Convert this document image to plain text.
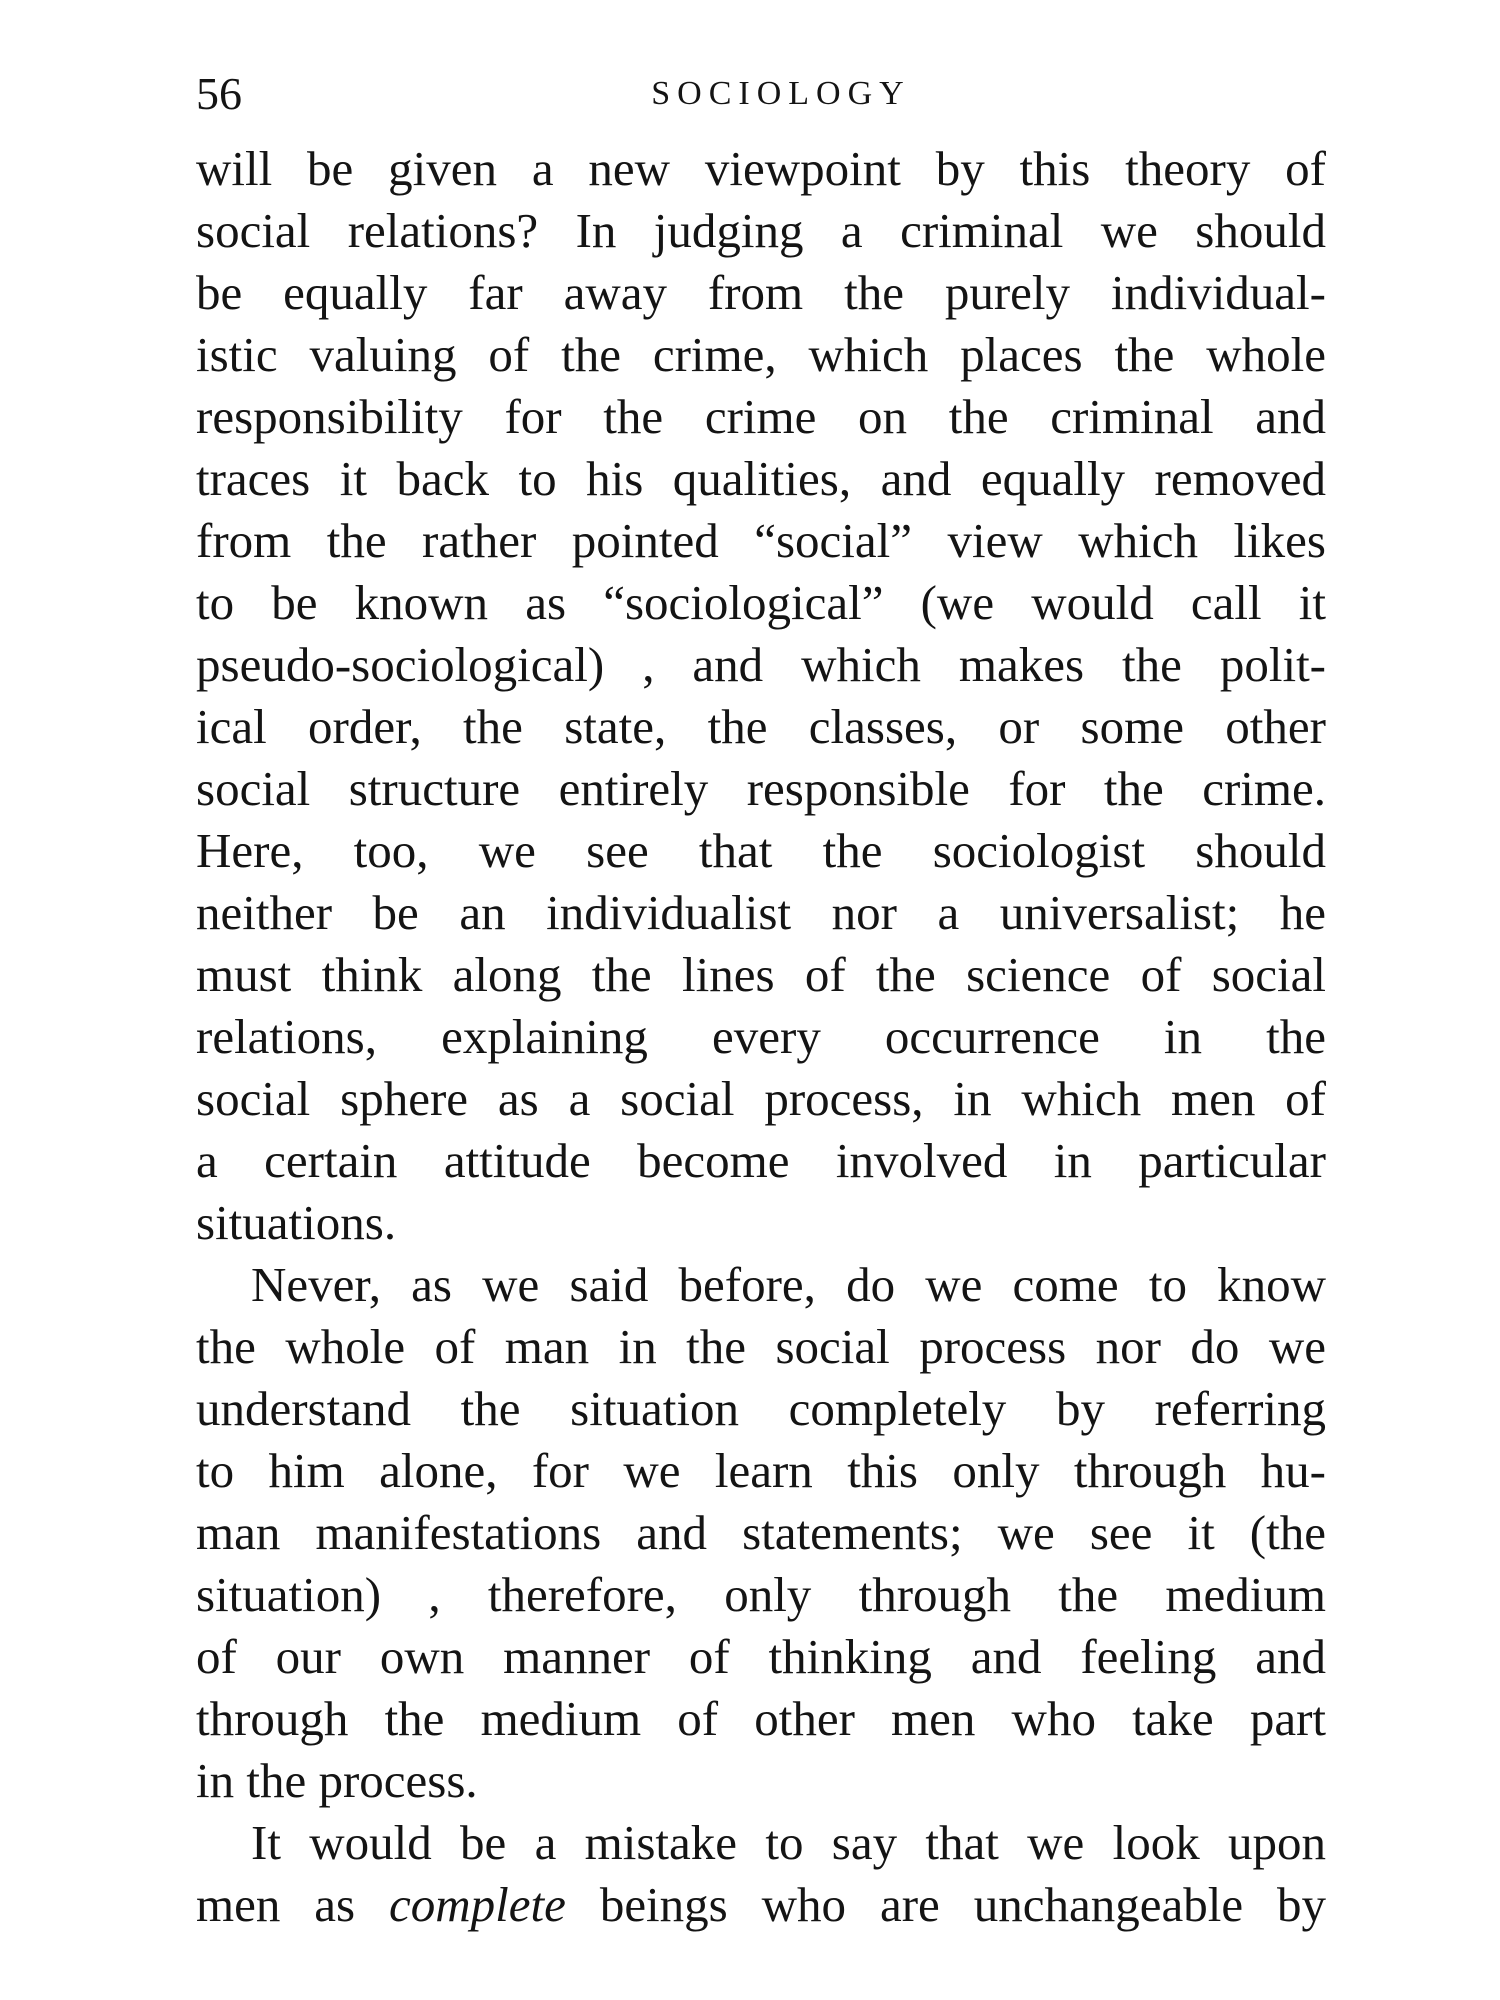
56	SOCIOLOGY
will be given a new viewpoint by this theory of
social relations? In judging a criminal we should
be equally far away from the purely individual-
istic valuing of the crime, which places the whole
responsibility for the crime on the criminal and
traces it back to his qualities, and equally removed
from the rather pointed “social” view which likes
to be known as “sociological” (we would call it
pseudo-sociological) , and which makes the polit-
ical order, the state, the classes, or some other
social structure entirely responsible for the crime.
Here, too, we see that the sociologist should
neither be an individualist nor a universalist; he
must think along the lines of the science of social
relations, explaining every occurrence in the
social sphere as a social process, in which men of
a certain attitude become involved in particular
situations.
Never, as we said before, do we come to know
the whole of man in the social process nor do we
understand the situation completely by referring
to him alone, for we learn this only through hu-
man manifestations and statements; we see it (the
situation) , therefore, only through the medium
of our own manner of thinking and feeling and
through the medium of other men who take part
in the process.
It would be a mistake to say that we look upon
men as complete beings who are unchangeable by
